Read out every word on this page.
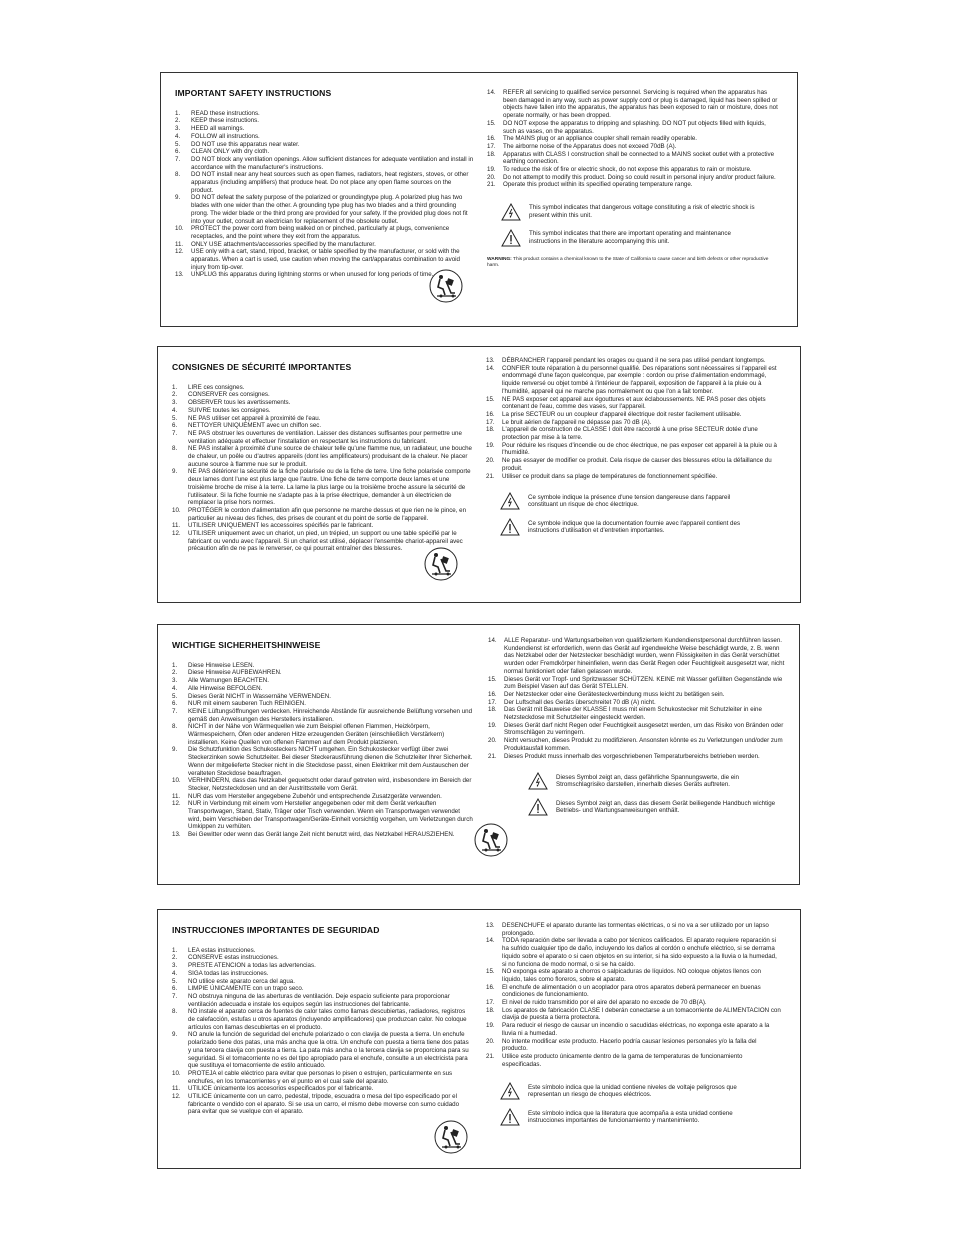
IMPORTANT SAFETY INSTRUCTIONS
1.	READ these instructions.
2.	KEEP these instructions.
3.	HEED all warnings.
4.	FOLLOW all instructions.
5.	DO NOT use this apparatus near water.
6.	CLEAN ONLY with dry cloth.
7.	DO NOT block any ventilation openings. Allow sufficient distances for adequate ventilation and install in accordance with the manufacturer's instructions.
8.	DO NOT install near any heat sources such as open flames, radiators, heat registers, stoves, or other apparatus (including amplifiers) that produce heat. Do not place any open flame sources on the product.
9.	DO NOT defeat the safety purpose of the polarized or groundingtype plug. A polarized plug has two blades with one wider than the other. A grounding type plug has two blades and a third grounding prong. The wider blade or the third prong are provided for your safety. If the provided plug does not fit into your outlet, consult an electrician for replacement of the obsolete outlet.
10.	PROTECT the power cord from being walked on or pinched, particularly at plugs, convenience receptacles, and the point where they exit from the apparatus.
11.	ONLY USE attachments/accessories specified by the manufacturer.
12.	USE only with a cart, stand, tripod, bracket, or table specified by the manufacturer, or sold with the apparatus. When a cart is used, use caution when moving the cart/apparatus combination to avoid injury from tip-over.
13.	UNPLUG this apparatus during lightning storms or when unused for long periods of time.
14.	REFER all servicing to qualified service personnel. Servicing is required when the apparatus has been damaged in any way, such as power supply cord or plug is damaged, liquid has been spilled or objects have fallen into the apparatus, the apparatus has been exposed to rain or moisture, does not operate normally, or has been dropped.
15.	DO NOT expose the apparatus to dripping and splashing. DO NOT put objects filled with liquids, such as vases, on the apparatus.
16.	The MAINS plug or an appliance coupler shall remain readily operable.
17.	The airborne noise of the Apparatus does not exceed 70dB (A).
18.	Apparatus with CLASS I construction shall be connected to a MAINS socket outlet with a protective earthing connection.
19.	To reduce the risk of fire or electric shock, do not expose this apparatus to rain or moisture.
20.	Do not attempt to modify this product. Doing so could result in personal injury and/or product failure.
21.	Operate this product within its specified operating temperature range.
This symbol indicates that dangerous voltage constituting a risk of electric shock is present within this unit.
This symbol indicates that there are important operating and maintenance instructions in the literature accompanying this unit.
WARNING: This product contains a chemical known to the State of California to cause cancer and birth defects or other reproductive harm.
CONSIGNES DE SÉCURITÉ IMPORTANTES
1.	LIRE ces consignes.
2.	CONSERVER ces consignes.
3.	OBSERVER tous les avertissements.
4.	SUIVRE toutes les consignes.
5.	NE PAS utiliser cet appareil à proximité de l'eau.
6.	NETTOYER UNIQUEMENT avec un chiffon sec.
7.	NE PAS obstruer les ouvertures de ventilation. Laisser des distances suffisantes pour permettre une ventilation adéquate et effectuer l'installation en respectant les instructions du fabricant.
8.	NE PAS installer à proximité d'une source de chaleur telle qu'une flamme nue, un radiateur, une bouche de chaleur, un poêle ou d'autres appareils (dont les amplificateurs) produisant de la chaleur. Ne placer aucune source à flamme nue sur le produit.
9.	NE PAS détériorer la sécurité de la fiche polarisée ou de la fiche de terre. Une fiche polarisée comporte deux lames dont l'une est plus large que l'autre. Une fiche de terre comporte deux lames et une troisième broche de mise à la terre. La lame la plus large ou la troisième broche assure la sécurité de l'utilisateur. Si la fiche fournie ne s'adapte pas à la prise électrique, demander à un électricien de remplacer la prise hors normes.
10.	PROTÉGER le cordon d'alimentation afin que personne ne marche dessus et que rien ne le pince, en particulier au niveau des fiches, des prises de courant et du point de sortie de l'appareil.
11.	UTILISER UNIQUEMENT les accessoires spécifiés par le fabricant.
12.	UTILISER uniquement avec un chariot, un pied, un trépied, un support ou une table spécifié par le fabricant ou vendu avec l'appareil. Si un chariot est utilisé, déplacer l'ensemble chariot-appareil avec précaution afin de ne pas le renverser, ce qui pourrait entraîner des blessures.
13.	DÉBRANCHER l'appareil pendant les orages ou quand il ne sera pas utilisé pendant longtemps.
14.	CONFIER toute réparation à du personnel qualifié. Des réparations sont nécessaires si l'appareil est endommagé d'une façon quelconque, par exemple : cordon ou prise d'alimentation endommagé, liquide renversé ou objet tombé à l'intérieur de l'appareil, exposition de l'appareil à la pluie ou à l'humidité, appareil qui ne marche pas normalement ou que l'on a fait tomber.
15.	NE PAS exposer cet appareil aux égouttures et aux éclaboussements. NE PAS poser des objets contenant de l'eau, comme des vases, sur l'appareil.
16.	La prise SECTEUR ou un coupleur d'appareil électrique doit rester facilement utilisable.
17.	Le bruit aérien de l'appareil ne dépasse pas 70 dB (A).
18.	L'appareil de construction de CLASSE I doit être raccordé à une prise SECTEUR dotée d'une protection par mise à la terre.
19.	Pour réduire les risques d'incendie ou de choc électrique, ne pas exposer cet appareil à la pluie ou à l'humidité.
20.	Ne pas essayer de modifier ce produit. Cela risque de causer des blessures et/ou la défaillance du produit.
21.	Utiliser ce produit dans sa plage de températures de fonctionnement spécifiée.
Ce symbole indique la présence d'une tension dangereuse dans l'appareil constituant un risque de choc électrique.
Ce symbole indique que la documentation fournie avec l'appareil contient des instructions d'utilisation et d'entretien importantes.
WICHTIGE SICHERHEITSHINWEISE
1.	Diese Hinweise LESEN.
2.	Diese Hinweise AUFBEWAHREN.
3.	Alle Warnungen BEACHTEN.
4.	Alle Hinweise BEFOLGEN.
5.	Dieses Gerät NICHT in Wassernähe VERWENDEN.
6.	NUR mit einem sauberen Tuch REINIGEN.
7.	KEINE Lüftungsöffnungen verdecken. Hinreichende Abstände für ausreichende Belüftung vorsehen und gemäß den Anweisungen des Herstellers installieren.
8.	NICHT in der Nähe von Wärmequellen wie zum Beispiel offenen Flammen, Heizkörpern, Wärmespeichern, Öfen oder anderen Hitze erzeugenden Geräten (einschließlich Verstärkern) installieren. Keine Quellen von offenen Flammen auf dem Produkt platzieren.
9.	Die Schutzfunktion des Schukosteckers NICHT umgehen. Ein Schukostecker verfügt über zwei Steckerzinken sowie Schutzleiter. Bei dieser Steckerausführung dienen die Schutzleiter Ihrer Sicherheit. Wenn der mitgelieferte Stecker nicht in die Steckdose passt, einen Elektriker mit dem Austauschen der veralteten Steckdose beauftragen.
10.	VERHINDERN, dass das Netzkabel gequetscht oder darauf getreten wird, insbesondere im Bereich der Stecker, Netzsteckdosen und an der Austrittsstelle vom Gerät.
11.	NUR das vom Hersteller angegebene Zubehör und entsprechende Zusatzgeräte verwenden.
12.	NUR in Verbindung mit einem vom Hersteller angegebenen oder mit dem Gerät verkauften Transportwagen, Stand, Stativ, Träger oder Tisch verwenden. Wenn ein Transportwagen verwendet wird, beim Verschieben der Transportwagen/Geräte-Einheit vorsichtig vorgehen, um Verletzungen durch Umkippen zu verhüten.
13.	Bei Gewitter oder wenn das Gerät lange Zeit nicht benutzt wird, das Netzkabel HERAUSZIEHEN.
14.	ALLE Reparatur- und Wartungsarbeiten von qualifiziertem Kundendienstpersonal durchführen lassen. Kundendienst ist erforderlich, wenn das Gerät auf irgendwelche Weise beschädigt wurde, z. B. wenn das Netzkabel oder der Netzstecker beschädigt wurden, wenn Flüssigkeiten in das Gerät verschüttet wurden oder Fremdkörper hineinfielen, wenn das Gerät Regen oder Feuchtigkeit ausgesetzt war, nicht normal funktioniert oder fallen gelassen wurde.
15.	Dieses Gerät vor Tropf- und Spritzwasser SCHÜTZEN. KEINE mit Wasser gefüllten Gegenstände wie zum Beispiel Vasen auf das Gerät STELLEN.
16.	Der Netzstecker oder eine Gerätesteckverbindung muss leicht zu betätigen sein.
17.	Der Luftschall des Geräts überschreitet 70 dB (A) nicht.
18.	Das Gerät mit Bauweise der KLASSE I muss mit einem Schukostecker mit Schutzleiter in eine Netzsteckdose mit Schutzleiter eingesteckt werden.
19.	Dieses Gerät darf nicht Regen oder Feuchtigkeit ausgesetzt werden, um das Risiko von Bränden oder Stromschlägen zu verringern.
20.	Nicht versuchen, dieses Produkt zu modifizieren. Ansonsten könnte es zu Verletzungen und/oder zum Produktausfall kommen.
21.	Dieses Produkt muss innerhalb des vorgeschriebenen Temperaturbereichs betrieben werden.
Dieses Symbol zeigt an, dass gefährliche Spannungswerte, die ein Stromschlagrisiko darstellen, innerhalb dieses Geräts auftreten.
Dieses Symbol zeigt an, dass das diesem Gerät beiliegende Handbuch wichtige Betriebs- und Wartungsanweisungen enthält.
INSTRUCCIONES IMPORTANTES DE SEGURIDAD
1.	LEA estas instrucciones.
2.	CONSERVE estas instrucciones.
3.	PRESTE ATENCION a todas las advertencias.
4.	SIGA todas las instrucciones.
5.	NO utilice este aparato cerca del agua.
6.	LIMPIE ÚNICAMENTE con un trapo seco.
7.	NO obstruya ninguna de las aberturas de ventilación. Deje espacio suficiente para proporcionar ventilación adecuada e instale los equipos según las instrucciones del fabricante.
8.	NO instale el aparato cerca de fuentes de calor tales como llamas descubiertas, radiadores, registros de calefacción, estufas u otros aparatos (incluyendo amplificadores) que produzcan calor. No coloque artículos con llamas descubiertas en el producto.
9.	NO anule la función de seguridad del enchufe polarizado o con clavija de puesta a tierra. Un enchufe polarizado tiene dos patas, una más ancha que la otra. Un enchufe con puesta a tierra tiene dos patas y una tercera clavija con puesta a tierra. La pata más ancha o la tercera clavija se proporciona para su seguridad. Si el tomacorriente no es del tipo apropiado para el enchufe, consulte a un electricista para que sustituya el tomacorriente de estilo anticuado.
10.	PROTEJA el cable eléctrico para evitar que personas lo pisen o estrujen, particularmente en sus enchufes, en los tomacorrientes y en el punto en el cual sale del aparato.
11.	UTILICE únicamente los accesorios especificados por el fabricante.
12.	UTILICE únicamente con un carro, pedestal, trípode, escuadra o mesa del tipo especificado por el fabricante o vendido con el aparato. Si se usa un carro, el mismo debe moverse con sumo cuidado para evitar que se vuelque con el aparato.
13.	DESENCHUFE el aparato durante las tormentas eléctricas, o si no va a ser utilizado por un lapso prolongado.
14.	TODA reparación debe ser llevada a cabo por técnicos calificados. El aparato requiere reparación si ha sufrido cualquier tipo de daño, incluyendo los daños al cordón o enchufe eléctrico, si se derrama líquido sobre el aparato o si caen objetos en su interior, si ha sido expuesto a la lluvia o la humedad, si no funciona de modo normal, o si se ha caído.
15.	NO exponga este aparato a chorros o salpicaduras de líquidos. NO coloque objetos llenos con líquido, tales como floreros, sobre el aparato.
16.	El enchufe de alimentación o un acoplador para otros aparatos deberá permanecer en buenas condiciones de funcionamiento.
17.	El nivel de ruido transmitido por el aire del aparato no excede de 70 dB(A).
18.	Los aparatos de fabricación CLASE I deberán conectarse a un tomacorriente de ALIMENTACION con clavija de puesta a tierra protectora.
19.	Para reducir el riesgo de causar un incendio o sacudidas eléctricas, no exponga este aparato a la lluvia ni a humedad.
20.	No intente modificar este producto. Hacerlo podría causar lesiones personales y/o la falla del producto.
21.	Utilice este producto únicamente dentro de la gama de temperaturas de funcionamiento especificadas.
Este símbolo indica que la unidad contiene niveles de voltaje peligrosos que representan un riesgo de choques eléctricos.
Este símbolo indica que la literatura que acompaña a esta unidad contiene instrucciones importantes de funcionamiento y mantenimiento.
